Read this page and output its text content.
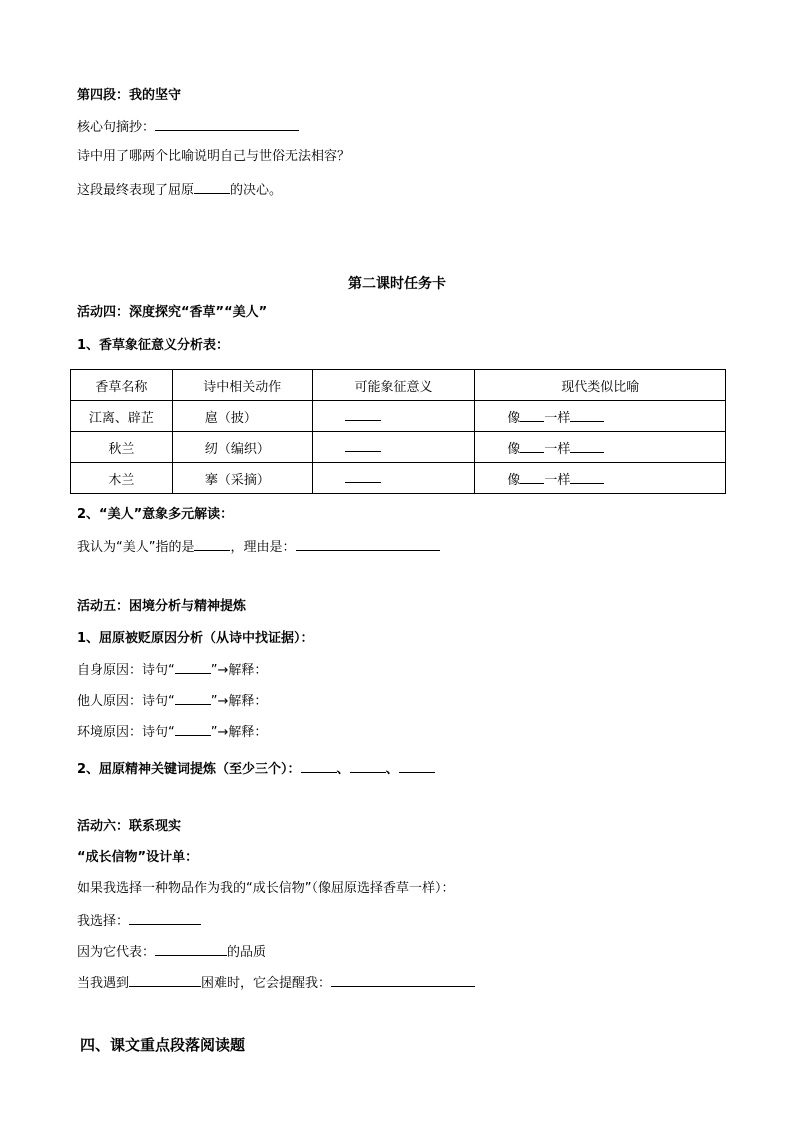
第四段：我的坚守
核心句摘抄：
诗中用了哪两个比喻说明自己与世俗无法相容？
这段最终表现了屈原	的决心。
第二课时任务卡
活动四：深度探究“香草”“美人”
1、香草象征意义分析表：
香草名称	诗中相关动作	可能象征意义	现代类似比喻
江离、辟芷	扈（披）		像 一样
秋兰	纫（编织）		像 一样
木兰	搴（采摘）		像 一样
2、“美人”意象多元解读：
我认为“美人”指的是	，理由是：
活动五：困境分析与精神提炼
1、屈原被贬原因分析（从诗中找证据）：
自身原因：诗句“	”→解释：
他人原因：诗句“	”→解释：
环境原因：诗句“	”→解释：
2、屈原精神关键词提炼（至少三个）：	、	、
活动六：联系现实
“成长信物”设计单：
如果我选择一种物品作为我的“成长信物”（像屈原选择香草一样）：
我选择：
因为它代表：	的品质
当我遇到	困难时，它会提醒我：
四、课文重点段落阅读题
